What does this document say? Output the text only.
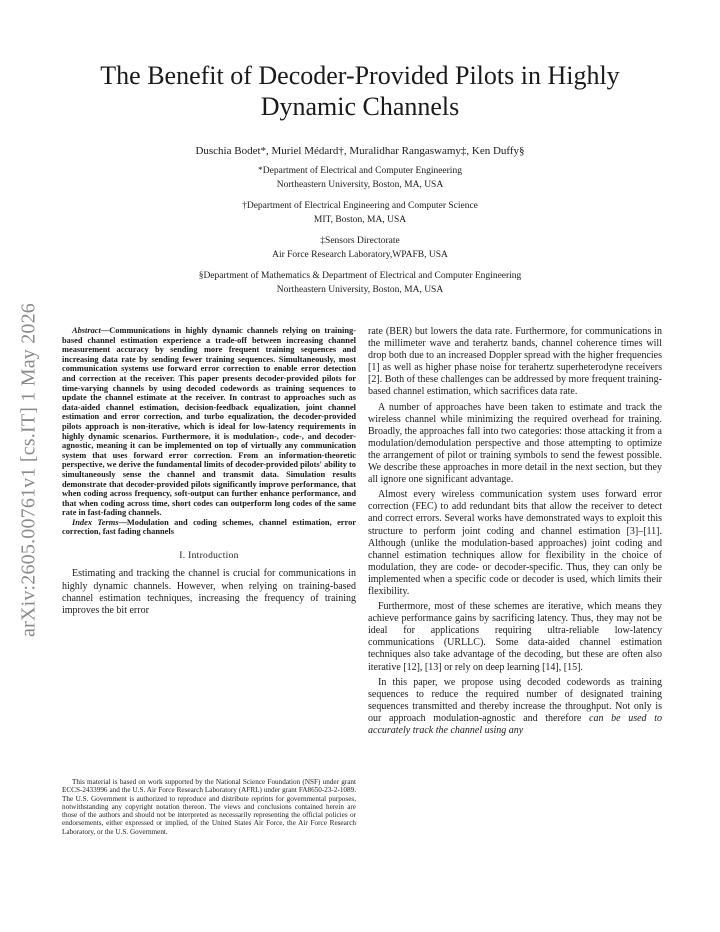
arXiv:2605.00761v1 [cs.IT] 1 May 2026
The Benefit of Decoder-Provided Pilots in Highly
Dynamic Channels
Duschia Bodet*, Muriel Médard†, Muralidhar Rangaswamy‡, Ken Duffy§
*Department of Electrical and Computer Engineering
Northeastern University, Boston, MA, USA
†Department of Electrical Engineering and Computer Science
MIT, Boston, MA, USA
‡Sensors Directorate
Air Force Research Laboratory,WPAFB, USA
§Department of Mathematics & Department of Electrical and Computer Engineering
Northeastern University, Boston, MA, USA

Abstract—Communications in highly dynamic channels relying on training-based channel estimation experience a trade-off between increasing channel measurement accuracy by sending more frequent training sequences and increasing data rate by sending fewer training sequences. Simultaneously, most communication systems use forward error correction to enable error detection and correction at the receiver. This paper presents decoder-provided pilots for time-varying channels by using decoded codewords as training sequences to update the channel estimate at the receiver. In contrast to approaches such as data-aided channel estimation, decision-feedback equalization, joint channel estimation and error correction, and turbo equalization, the decoder-provided pilots approach is non-iterative, which is ideal for low-latency requirements in highly dynamic scenarios. Furthermore, it is modulation-, code-, and decoder- agnostic, meaning it can be implemented on top of virtually any communication system that uses forward error correction. From an information-theoretic perspective, we derive the fundamental limits of decoder-provided pilots' ability to simultaneously sense the channel and transmit data. Simulation results demonstrate that decoder-provided pilots significantly improve performance, that when coding across frequency, soft-output can further enhance performance, and that when coding across time, short codes can outperform long codes of the same rate in fast-fading channels.

Index Terms—Modulation and coding schemes, channel estimation, error correction, fast fading channels

I. Introduction

Estimating and tracking the channel is crucial for communications in highly dynamic channels. However, when relying on training-based channel estimation techniques, increasing the frequency of training improves the bit error

This material is based on work supported by the National Science Foundation (NSF) under grant ECCS-2433996 and the U.S. Air Force Research Laboratory (AFRL) under grant FA8650-23-2-1089. The U.S. Government is authorized to reproduce and distribute reprints for governmental purposes, notwithstanding any copyright notation thereon. The views and conclusions contained herein are those of the authors and should not be interpreted as necessarily representing the official policies or endorsements, either expressed or implied, of the United States Air Force, the Air Force Research Laboratory, or the U.S. Government.

rate (BER) but lowers the data rate. Furthermore, for communications in the millimeter wave and terahertz bands, channel coherence times will drop both due to an increased Doppler spread with the higher frequencies [1] as well as higher phase noise for terahertz superheterodyne receivers [2]. Both of these challenges can be addressed by more frequent training-based channel estimation, which sacrifices data rate.

A number of approaches have been taken to estimate and track the wireless channel while minimizing the required overhead for training. Broadly, the approaches fall into two categories: those attacking it from a modulation/demodulation perspective and those attempting to optimize the arrangement of pilot or training symbols to send the fewest possible. We describe these approaches in more detail in the next section, but they all ignore one significant advantage.

Almost every wireless communication system uses forward error correction (FEC) to add redundant bits that allow the receiver to detect and correct errors. Several works have demonstrated ways to exploit this structure to perform joint coding and channel estimation [3]–[11]. Although (unlike the modulation-based approaches) joint coding and channel estimation techniques allow for flexibility in the choice of modulation, they are code- or decoder-specific. Thus, they can only be implemented when a specific code or decoder is used, which limits their flexibility.

Furthermore, most of these schemes are iterative, which means they achieve performance gains by sacrificing latency. Thus, they may not be ideal for applications requiring ultra-reliable low-latency communications (URLLC). Some data-aided channel estimation techniques also take advantage of the decoding, but these are often also iterative [12], [13] or rely on deep learning [14], [15].

In this paper, we propose using decoded codewords as training sequences to reduce the required number of designated training sequences transmitted and thereby increase the throughput. Not only is our approach modulation-agnostic and therefore can be used to accurately track the channel using any
